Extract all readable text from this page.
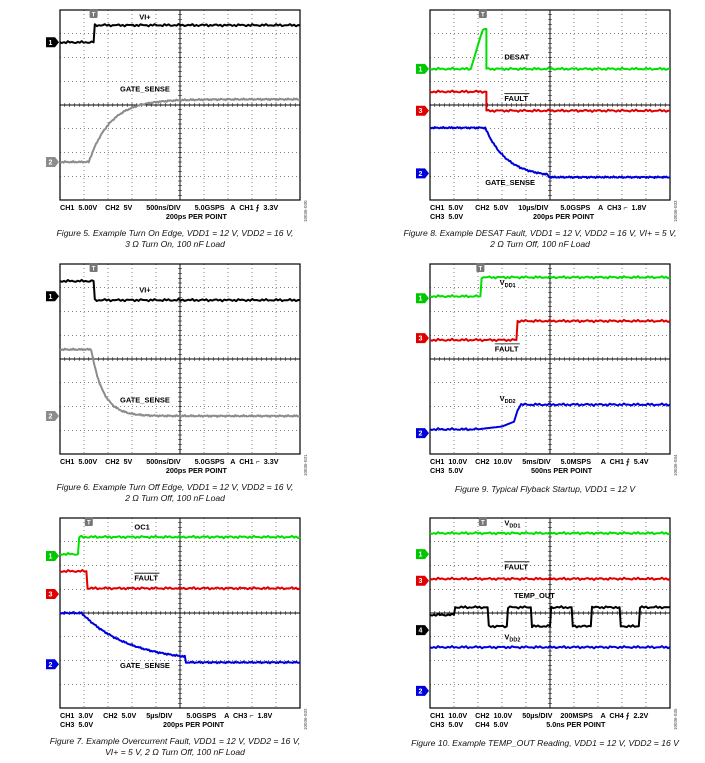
T
1
2
VI+
GATE_SENSE
CH1  5.00V    CH2  5V       500ns/DIV       5.0GSPS   A  CH1 ⨍  3.3V
200ps PER POINT	10036-030
Figure 5. Example Turn On Edge, VDD1 = 12 V, VDD2 = 16 V,
3 Ω Turn On, 100 nF Load
T
1
3
2
DESAT
FAULT
GATE_SENSE
CH1  5.0V      CH2  5.0V     10µs/DIV      5.0GSPS    A  CH3 ⌐  1.8V
CH3  5.0V                                   200ps PER POINT	10036-033
Figure 8. Example DESAT Fault, VDD1 = 12 V, VDD2 = 16 V, VI+ = 5 V,
2 Ω Turn Off, 100 nF Load
T
1
2
VI+
GATE_SENSE
CH1  5.00V    CH2  5V       500ns/DIV       5.0GSPS   A  CH1 ⌐  3.3V
200ps PER POINT	10036-031
Figure 6. Example Turn Off Edge, VDD1 = 12 V, VDD2 = 16 V,
2 Ω Turn Off, 100 nF Load
T
1
3
2
$V_{DD1}$
FAULT
$V_{DD2}$
CH1  10.0V    CH2  10.0V     5ms/DIV     5.0MSPS     A  CH1 ⨍  5.4V
CH3  5.0V                                  500ns PER POINT	10036-034
Figure 9. Typical Flyback Startup, VDD1 = 12 V
T
1
3
2
OC1
FAULT
GATE_SENSE
CH1  3.0V     CH2  5.0V     5µs/DIV       5.0GSPS    A  CH3 ⌐  1.8V
CH3  5.0V                                   200ps PER POINT	10036-032
Figure 7. Example Overcurrent Fault, VDD1 = 12 V, VDD2 = 16 V,
VI+ = 5 V, 2 Ω Turn Off, 100 nF Load
T
1
3
4
2
$V_{DD1}$
FAULT
TEMP_OUT
$V_{DD2}$
CH1  10.0V    CH2  10.0V     50µs/DIV    200MSPS    A  CH4 ⨍  2.2V
CH3  5.0V      CH4  5.0V                   5.0ns PER POINT	10036-035
Figure 10. Example TEMP_OUT Reading, VDD1 = 12 V, VDD2 = 16 V
